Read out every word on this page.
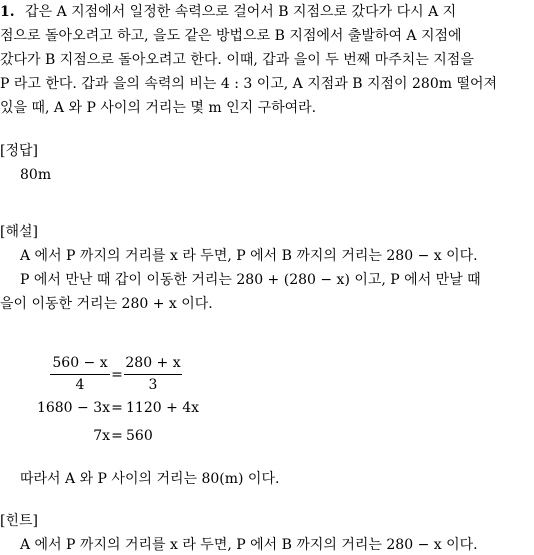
1. 갑은 A 지점에서 일정한 속력으로 걸어서 B 지점으로 갔다가 다시 A 지
점으로 돌아오려고 하고, 을도 같은 방법으로 B 지점에서 출발하여 A 지점에
갔다가 B 지점으로 돌아오려고 한다. 이때, 갑과 을이 두 번째 마주치는 지점을
P 라고 한다. 갑과 을의 속력의 비는 4 : 3 이고, A 지점과 B 지점이 280m 떨어져
있을 때, A 와 P 사이의 거리는 몇 m 인지 구하여라.
[정답]
80m
[해설]
A 에서 P 까지의 거리를 x 라 두면, P 에서 B 까지의 거리는 280 − x 이다.
P 에서 만난 때 갑이 이동한 거리는 280 + (280 − x) 이고, P 에서 만날 때
을이 이동한 거리는 280 + x 이다.
560 − x
4
=
280 + x
3
1680 − 3x = 1120 + 4x
7x = 560
따라서 A 와 P 사이의 거리는 80(m) 이다.
[힌트]
A 에서 P 까지의 거리를 x 라 두면, P 에서 B 까지의 거리는 280 − x 이다.
